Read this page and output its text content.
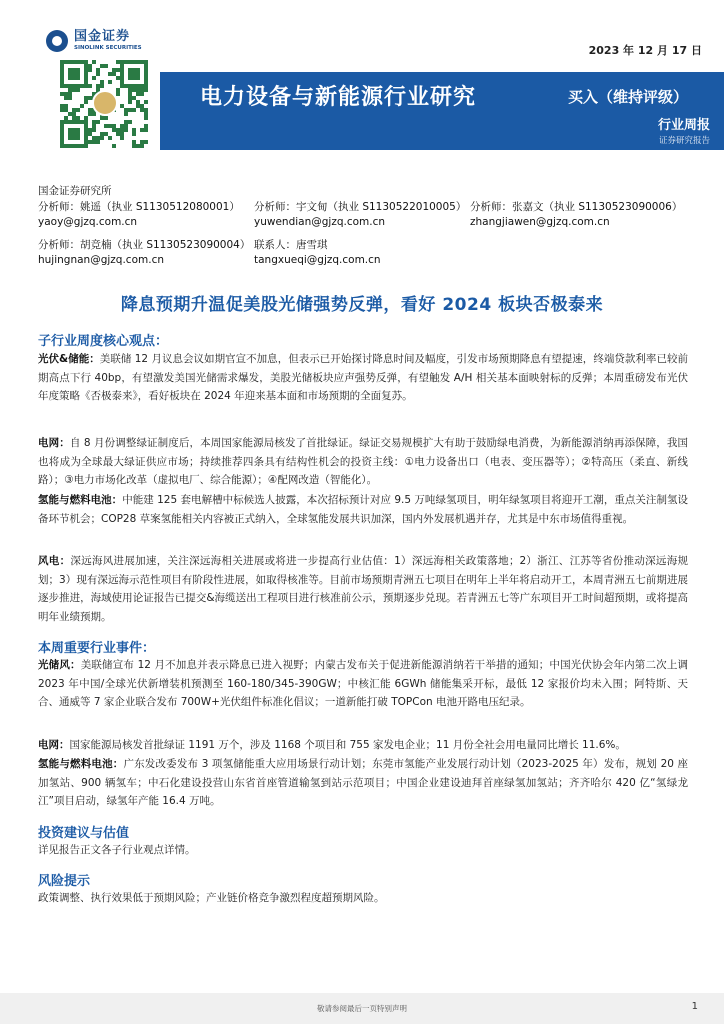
国金证券
SINOLINK SECURITIES	2023 年 12 月 17 日
电力设备与新能源行业研究	买入（维持评级）
行业周报
证券研究报告
国金证券研究所
分析师：姚遥（执业 S1130512080001）
yaoy@gjzq.com.cn
分析师：宇文甸（执业 S1130522010005）
yuwendian@gjzq.com.cn
分析师：张嘉文（执业 S1130523090006）
zhangjiawen@gjzq.com.cn
分析师：胡竞楠（执业 S1130523090004）
hujingnan@gjzq.com.cn
联系人：唐雪琪
tangxueqi@gjzq.com.cn
降息预期升温促美股光储强势反弹，看好 2024 板块否极泰来
子行业周度核心观点：
光伏&储能：美联储 12 月议息会议如期官宣不加息，但表示已开始探讨降息时间及幅度，引发市场预期降息有望提速，终端贷款利率已较前期高点下行 40bp，有望激发美国光储需求爆发，美股光储板块应声强势反弹，有望触发 A/H 相关基本面映射标的反弹；本周重磅发布光伏年度策略《否极泰来》，看好板块在 2024 年迎来基本面和市场预期的全面复苏。
电网：自 8 月份调整绿证制度后，本周国家能源局核发了首批绿证。绿证交易规模扩大有助于鼓励绿电消费，为新能源消纳再添保障，我国也将成为全球最大绿证供应市场；持续推荐四条具有结构性机会的投资主线：①电力设备出口（电表、变压器等）；②特高压（柔直、新线路）；③电力市场化改革（虚拟电厂、综合能源）；④配网改造（智能化）。
氢能与燃料电池：中能建 125 套电解槽中标候选人披露，本次招标预计对应 9.5 万吨绿氢项目，明年绿氢项目将迎开工潮，重点关注制氢设备环节机会；COP28 草案氢能相关内容被正式纳入，全球氢能发展共识加深，国内外发展机遇并存，尤其是中东市场值得重视。
风电：深远海风进展加速，关注深远海相关进展或将进一步提高行业估值：1）深远海相关政策落地；2）浙江、江苏等省份推动深远海规划；3）现有深远海示范性项目有阶段性进展，如取得核准等。目前市场预期青洲五七项目在明年上半年将启动开工，本周青洲五七前期进展逐步推进，海域使用论证报告已提交&海缆送出工程项目进行核准前公示，预期逐步兑现。若青洲五七等广东项目开工时间超预期，或将提高明年业绩预期。
本周重要行业事件：
光储风：美联储宣布 12 月不加息并表示降息已进入视野；内蒙古发布关于促进新能源消纳若干举措的通知；中国光伏协会年内第二次上调 2023 年中国/全球光伏新增装机预测至 160-180/345-390GW；中核汇能 6GWh 储能集采开标，最低 12 家报价均未入围；阿特斯、天合、通威等 7 家企业联合发布 700W+光伏组件标准化倡议；一道新能打破 TOPCon 电池开路电压纪录。
电网：国家能源局核发首批绿证 1191 万个，涉及 1168 个项目和 755 家发电企业；11 月份全社会用电量同比增长 11.6%。
氢能与燃料电池：广东发改委发布 3 项氢储能重大应用场景行动计划；东莞市氢能产业发展行动计划（2023-2025 年）发布，规划 20 座加氢站、900 辆氢车；中石化建设投营山东省首座管道输氢到站示范项目；中国企业建设迪拜首座绿氢加氢站；齐齐哈尔 420 亿“氢绿龙江”项目启动，绿氢年产能 16.4 万吨。
投资建议与估值
详见报告正文各子行业观点详情。
风险提示
政策调整、执行效果低于预期风险；产业链价格竞争激烈程度超预期风险。
敬请参阅最后一页特别声明	1
